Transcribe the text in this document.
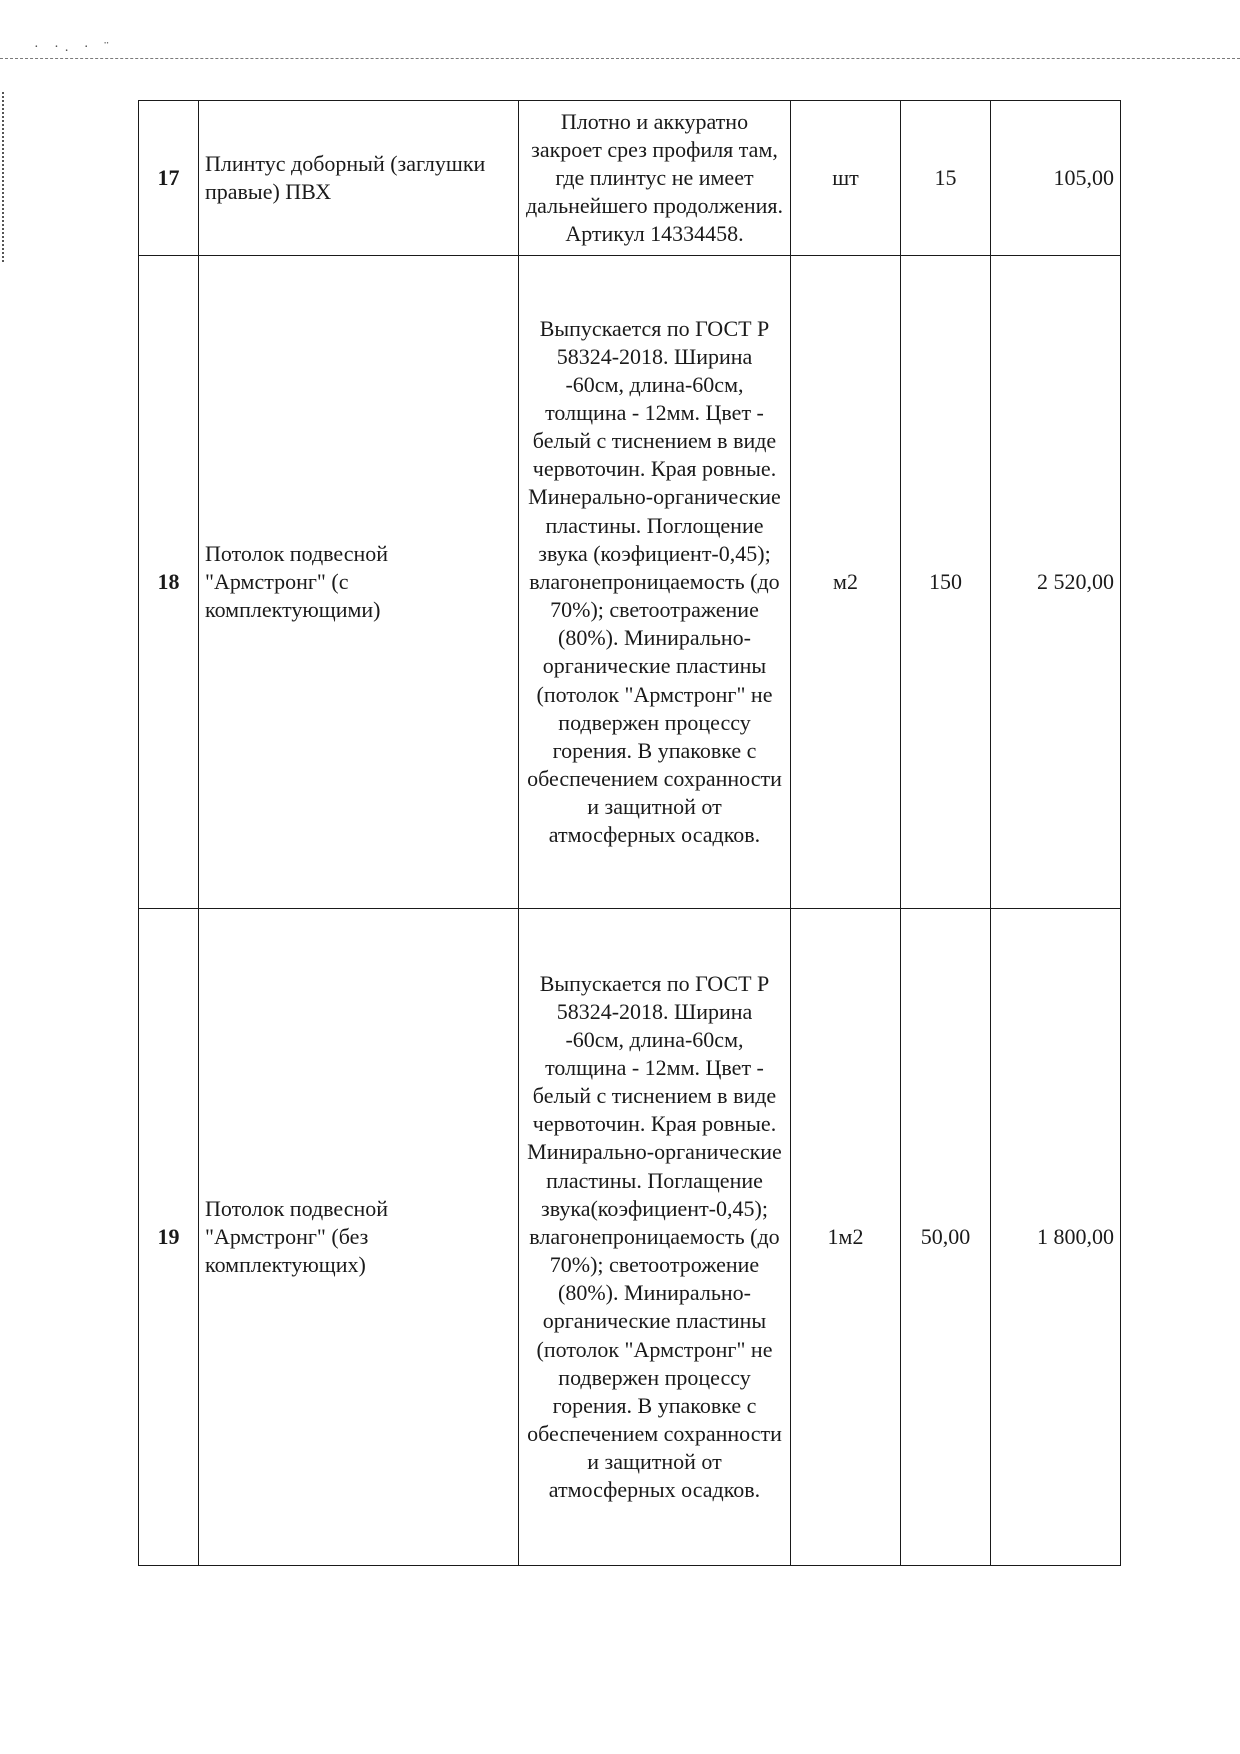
· ·. · ¨
17	Плинтус доборный (заглушки правые) ПВХ	Плотно и аккуратно закроет срез профиля там, где плинтус не имеет дальнейшего продолжения. Артикул 14334458.	шт	15	105,00
18	Потолок подвесной "Армстронг" (с комплектующими)	Выпускается по ГОСТ Р 58324-2018. Ширина -60см, длина-60см, толщина - 12мм. Цвет - белый с тиснением в виде червоточин. Края ровные. Минерально-органические пластины. Поглощение звука (коэфициент-0,45); влагонепроницаемость (до 70%); светоотражение (80%). Минирально-органические пластины (потолок "Армстронг" не подвержен процессу горения. В упаковке с обеспечением сохранности и защитной от атмосферных осадков.	м2	150	2 520,00
19	Потолок подвесной "Армстронг" (без комплектующих)	Выпускается по ГОСТ Р 58324-2018. Ширина -60см, длина-60см, толщина - 12мм. Цвет - белый с тиснением в виде червоточин. Края ровные. Минирально-органические пластины. Поглащение звука(коэфициент-0,45); влагонепроницаемость (до 70%); светоотрожение (80%). Минирально-органические пластины (потолок "Армстронг" не подвержен процессу горения. В упаковке с обеспечением сохранности и защитной от атмосферных осадков.	1м2	50,00	1 800,00
